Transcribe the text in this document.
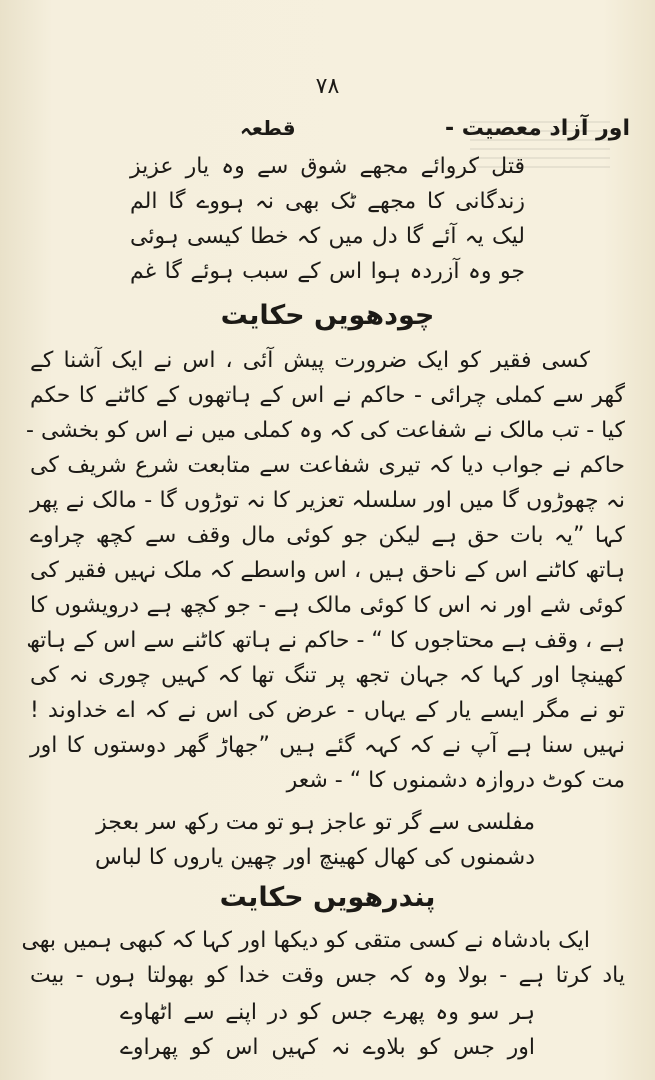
۷۸
اور آزاد معصیت -
قطعہ
قتل کروائے مجھے شوق سے وہ یار عزیز
زندگانی کا مجھے ٹک بھی نہ ہووے گا الم
لیک یہ آئے گا دل میں کہ خطا کیسی ہوئی
جو وہ آزردہ ہوا اس کے سبب ہوئے گا غم
چودھویں حکایت
کسی فقیر کو ایک ضرورت پیش آئی ، اس نے ایک آشنا کے
گھر سے کملی چرائی - حاکم نے اس کے ہاتھوں کے کاٹنے کا حکم
کیا - تب مالک نے شفاعت کی کہ وہ کملی میں نے اس کو بخشی -
حاکم نے جواب دیا کہ تیری شفاعت سے متابعت شرع شریف کی
نہ چھوڑوں گا میں اور سلسلہ تعزیر کا نہ توڑوں گا - مالک نے پھر
کہا ”یہ بات حق ہے لیکن جو کوئی مال وقف سے کچھ چراوے
ہاتھ کاٹنے اس کے ناحق ہیں ، اس واسطے کہ ملک نہیں فقیر کی
کوئی شے اور نہ اس کا کوئی مالک ہے - جو کچھ ہے درویشوں کا
ہے ، وقف ہے محتاجوں کا “ - حاکم نے ہاتھ کاٹنے سے اس کے ہاتھ
کھینچا اور کہا کہ جہان تجھ پر تنگ تھا کہ کہیں چوری نہ کی
تو نے مگر ایسے یار کے یہاں - عرض کی اس نے کہ اے خداوند !
نہیں سنا ہے آپ نے کہ کہہ گئے ہیں ”جھاڑ گھر دوستوں کا اور
مت کوٹ دروازہ دشمنوں کا “ - شعر
مفلسی سے گر تو عاجز ہو تو مت رکھ سر بعجز
دشمنوں کی کھال کھینچ اور چھین یاروں کا لباس
پندرھویں حکایت
ایک بادشاہ نے کسی متقی کو دیکھا اور کہا کہ کبھی ہمیں بھی
یاد کرتا ہے - بولا وہ کہ جس وقت خدا کو بھولتا ہوں - بیت
ہر سو وہ پھرے جس کو در اپنے سے اٹھاوے
اور جس کو بلاوے نہ کہیں اس کو پھراوے
